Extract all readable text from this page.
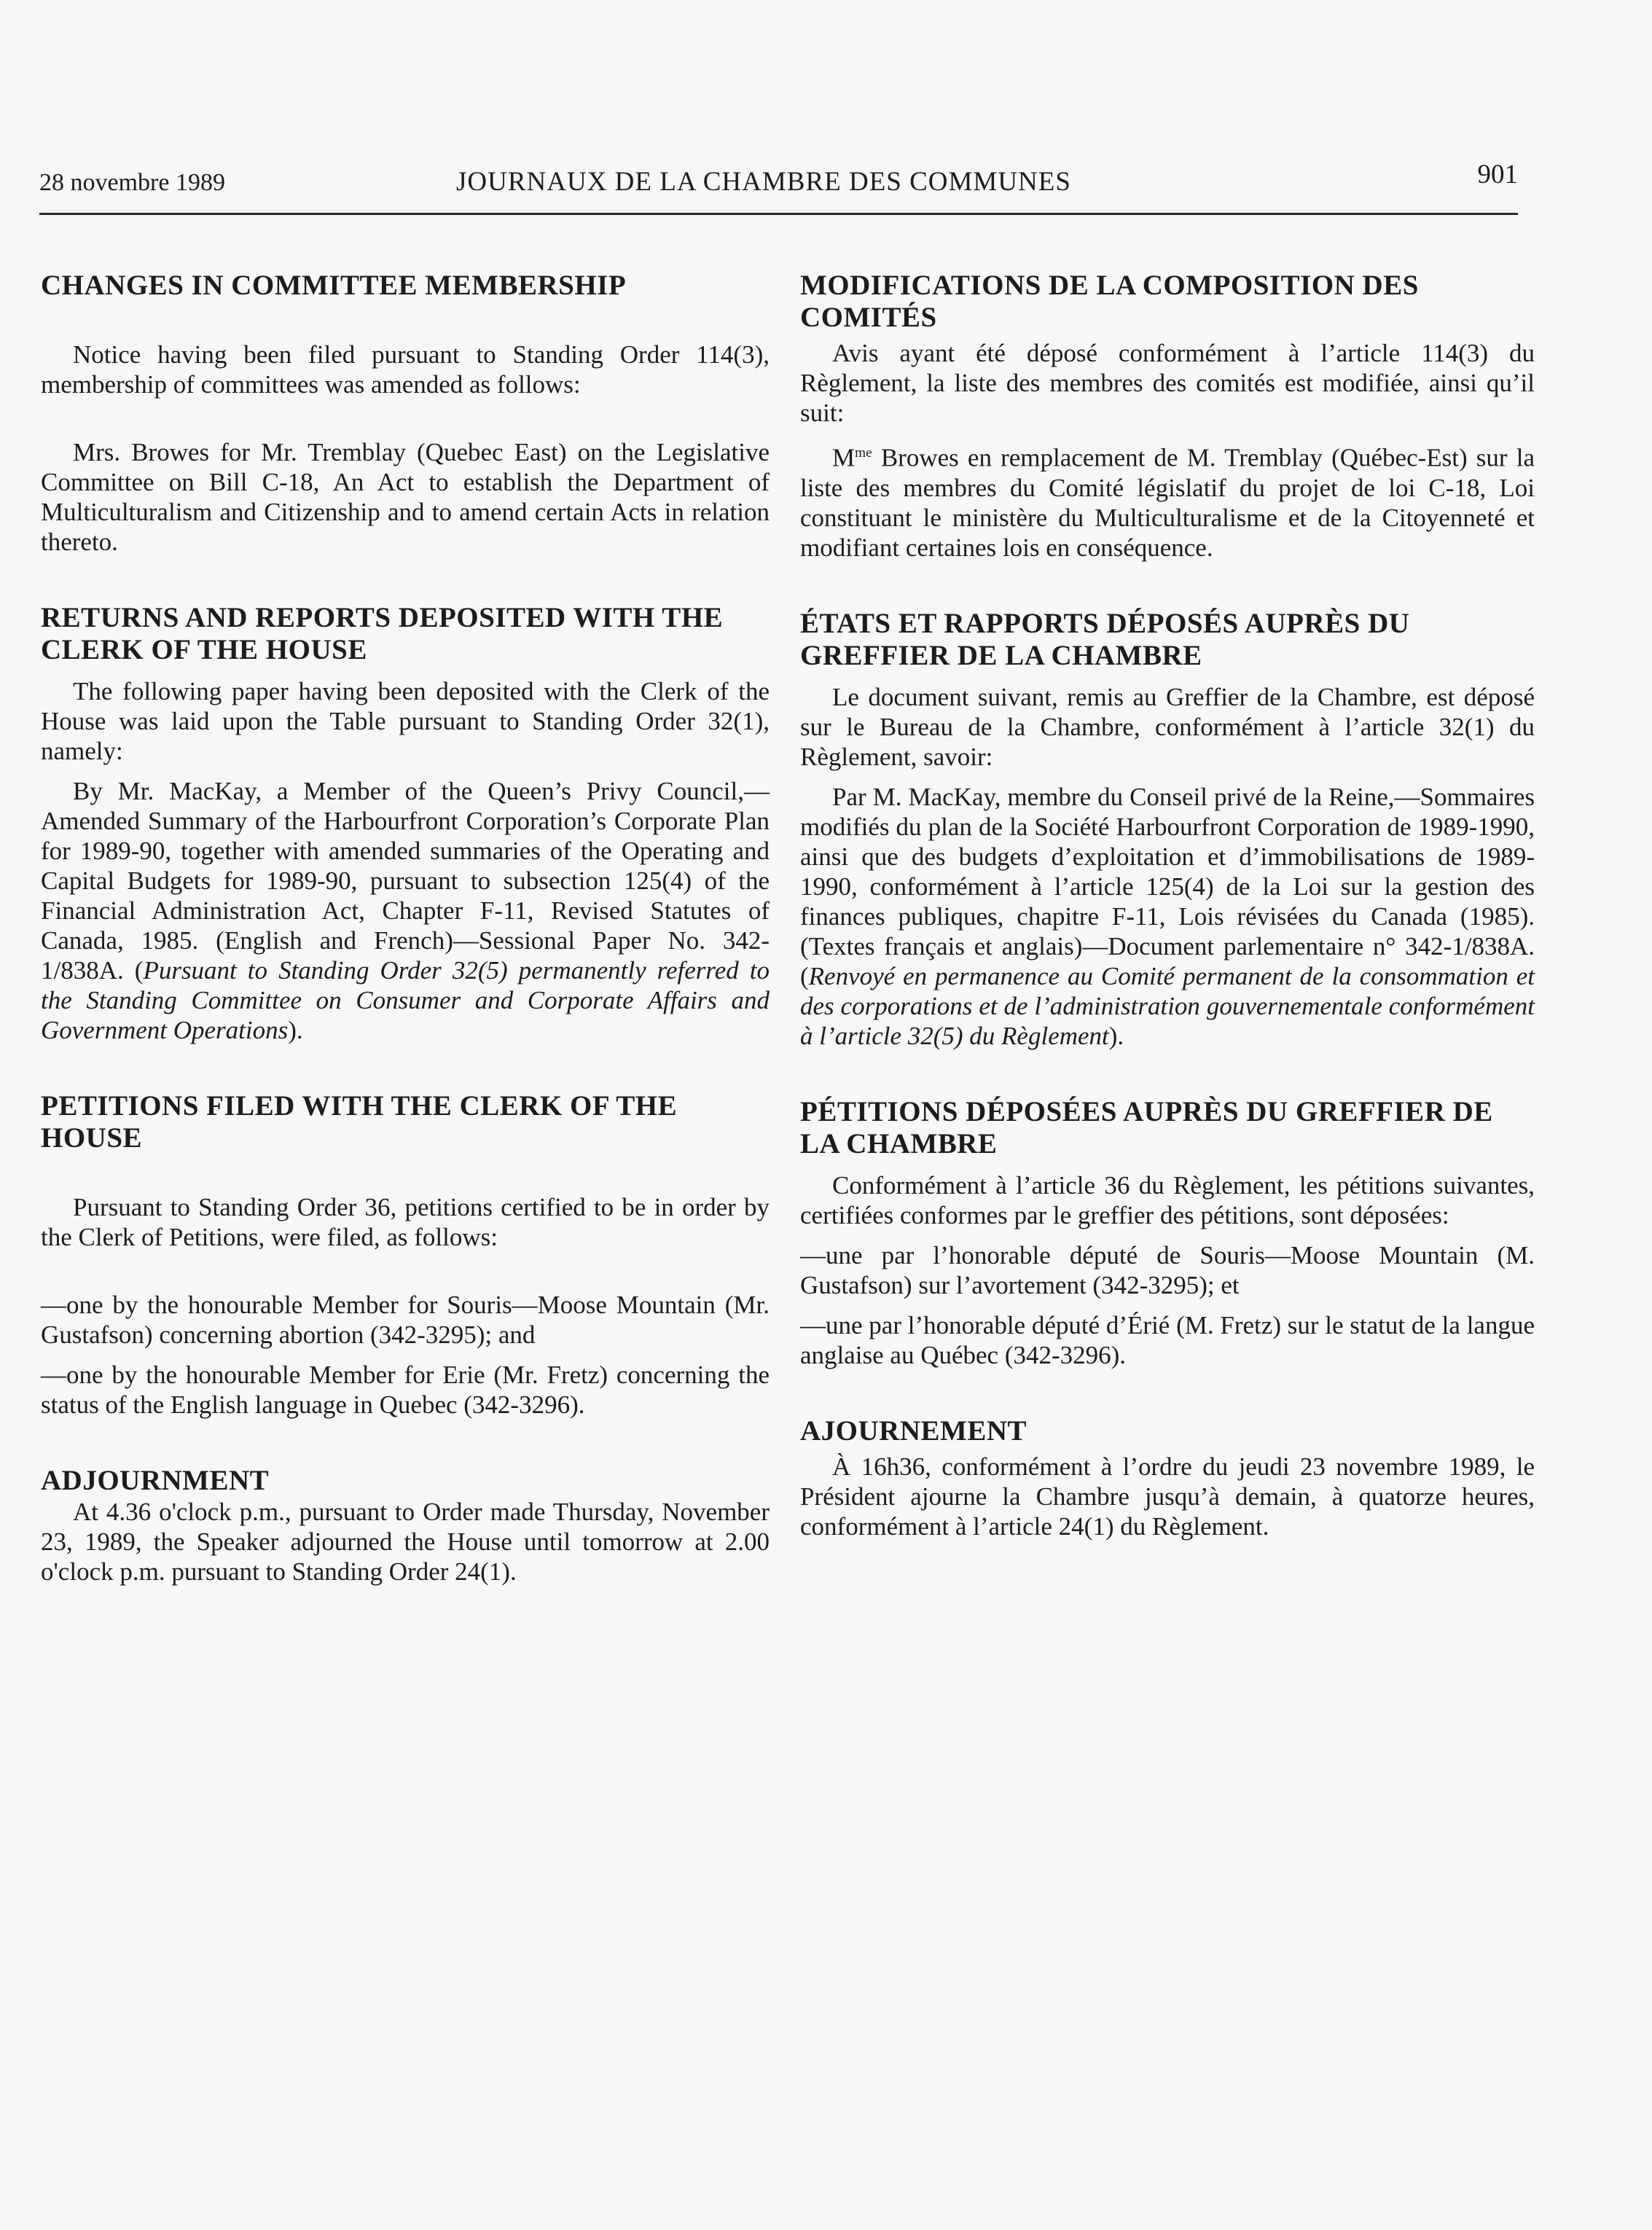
28 novembre 1989	JOURNAUX DE LA CHAMBRE DES COMMUNES	901
CHANGES IN COMMITTEE MEMBERSHIP

Notice having been filed pursuant to Standing Order 114(3), membership of committees was amended as follows:

Mrs. Browes for Mr. Tremblay (Quebec East) on the Legislative Committee on Bill C-18, An Act to establish the Department of Multiculturalism and Citizenship and to amend certain Acts in relation thereto.

RETURNS AND REPORTS DEPOSITED WITH THE CLERK OF THE HOUSE

The following paper having been deposited with the Clerk of the House was laid upon the Table pursuant to Standing Order 32(1), namely:

By Mr. MacKay, a Member of the Queen’s Privy Council,—Amended Summary of the Harbourfront Corporation’s Corporate Plan for 1989-90, together with amended summaries of the Operating and Capital Budgets for 1989-90, pursuant to subsection 125(4) of the Financial Administration Act, Chapter F-11, Revised Statutes of Canada, 1985. (English and French)—Sessional Paper No. 342-1/838A. (Pursuant to Standing Order 32(5) permanently referred to the Standing Committee on Consumer and Corporate Affairs and Government Operations).

PETITIONS FILED WITH THE CLERK OF THE HOUSE

Pursuant to Standing Order 36, petitions certified to be in order by the Clerk of Petitions, were filed, as follows:

—one by the honourable Member for Souris—Moose Mountain (Mr. Gustafson) concerning abortion (342-3295); and

—one by the honourable Member for Erie (Mr. Fretz) concerning the status of the English language in Quebec (342-3296).

ADJOURNMENT

At 4.36 o'clock p.m., pursuant to Order made Thursday, November 23, 1989, the Speaker adjourned the House until tomorrow at 2.00 o'clock p.m. pursuant to Standing Order 24(1).

MODIFICATIONS DE LA COMPOSITION DES COMITÉS

Avis ayant été déposé conformément à l’article 114(3) du Règlement, la liste des membres des comités est modifiée, ainsi qu’il suit:

$M^{me}$ Browes en remplacement de M. Tremblay (Québec-Est) sur la liste des membres du Comité législatif du projet de loi C-18, Loi constituant le ministère du Multiculturalisme et de la Citoyenneté et modifiant certaines lois en conséquence.

ÉTATS ET RAPPORTS DÉPOSÉS AUPRÈS DU GREFFIER DE LA CHAMBRE

Le document suivant, remis au Greffier de la Chambre, est déposé sur le Bureau de la Chambre, conformément à l’article 32(1) du Règlement, savoir:

Par M. MacKay, membre du Conseil privé de la Reine,—Sommaires modifiés du plan de la Société Harbourfront Corporation de 1989-1990, ainsi que des budgets d’exploitation et d’immobilisations de 1989-1990, conformément à l’article 125(4) de la Loi sur la gestion des finances publiques, chapitre F-11, Lois révisées du Canada (1985). (Textes français et anglais)—Document parlementaire n° 342-1/838A. (Renvoyé en permanence au Comité permanent de la consommation et des corporations et de l’administration gouvernementale conformément à l’article 32(5) du Règlement).

PÉTITIONS DÉPOSÉES AUPRÈS DU GREFFIER DE LA CHAMBRE

Conformément à l’article 36 du Règlement, les pétitions suivantes, certifiées conformes par le greffier des pétitions, sont déposées:

—une par l’honorable député de Souris—Moose Mountain (M. Gustafson) sur l’avortement (342-3295); et

—une par l’honorable député d’Érié (M. Fretz) sur le statut de la langue anglaise au Québec (342-3296).

AJOURNEMENT

À 16h36, conformément à l’ordre du jeudi 23 novembre 1989, le Président ajourne la Chambre jusqu’à demain, à quatorze heures, conformément à l’article 24(1) du Règlement.
